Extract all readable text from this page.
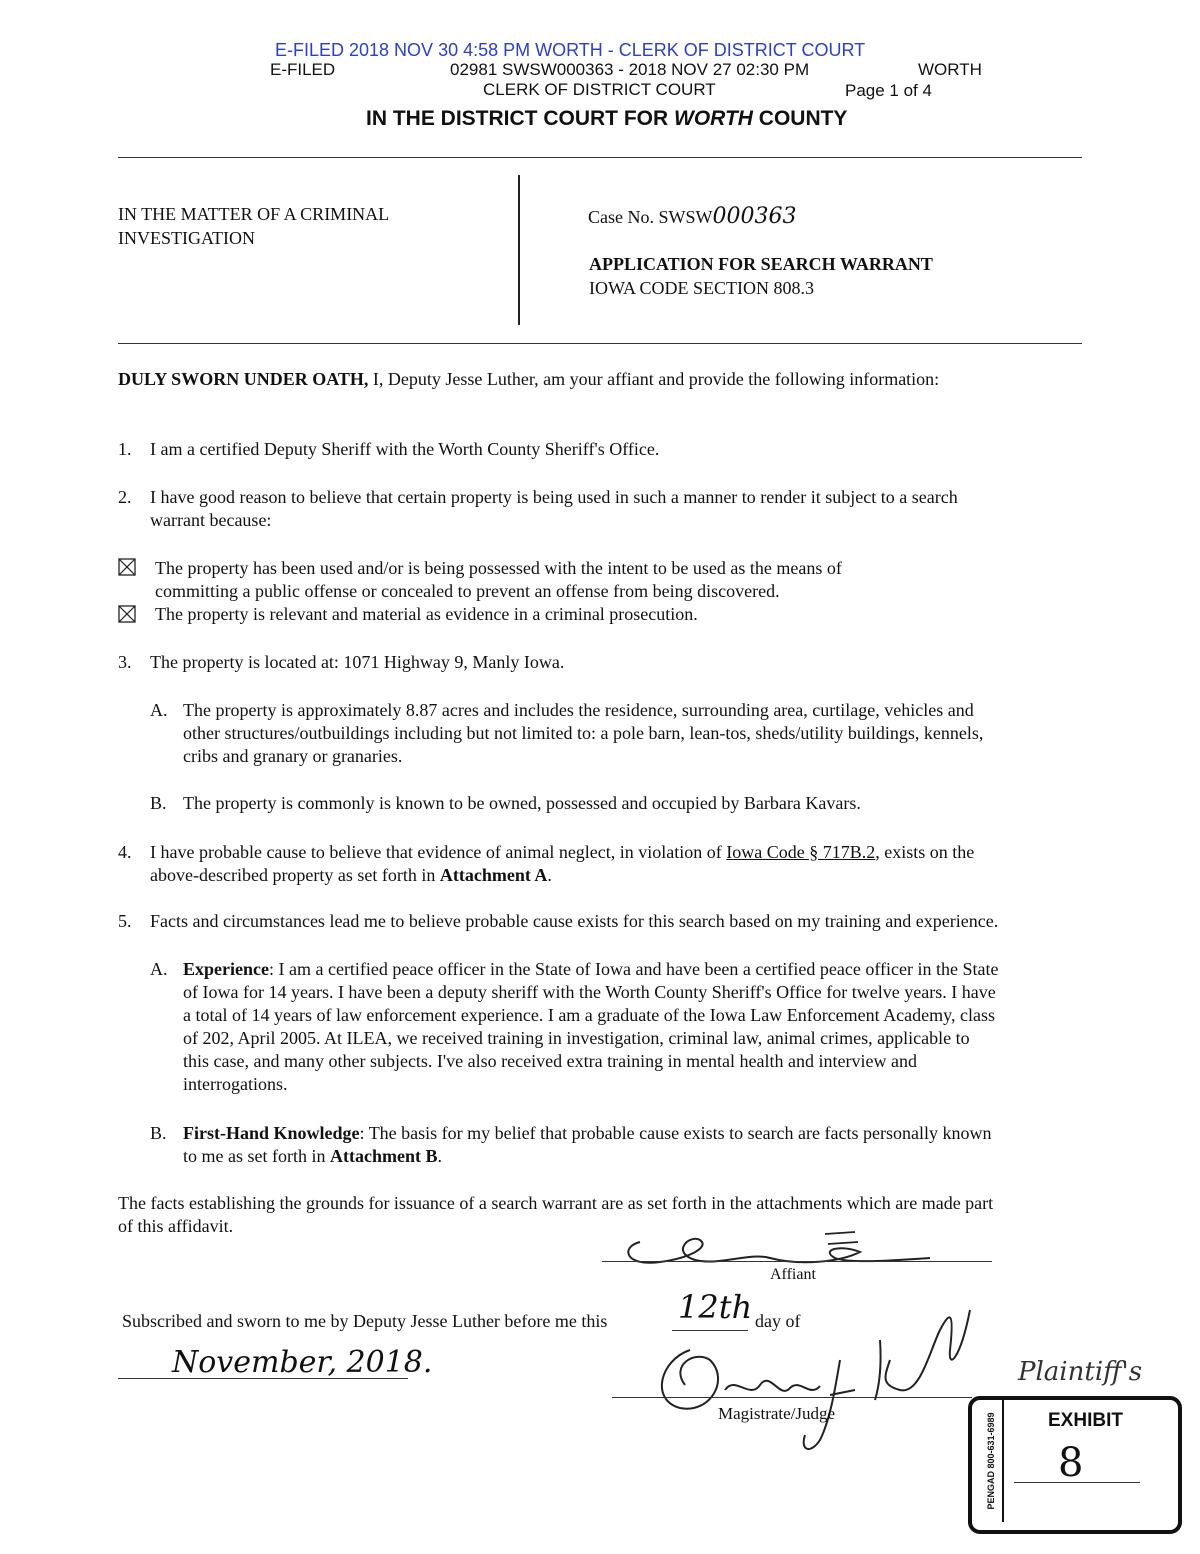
E-FILED 2018 NOV 30 4:58 PM WORTH - CLERK OF DISTRICT COURT
E-FILED	02981 SWSW000363 - 2018 NOV 27 02:30 PM	WORTH
CLERK OF DISTRICT COURT	Page 1 of 4
IN THE DISTRICT COURT FOR WORTH COUNTY
IN THE MATTER OF A CRIMINAL
INVESTIGATION
Case No. SWSW000363
APPLICATION FOR SEARCH WARRANT
IOWA CODE SECTION 808.3
DULY SWORN UNDER OATH, I, Deputy Jesse Luther, am your affiant and provide the following information:
1. I am a certified Deputy Sheriff with the Worth County Sheriff's Office.
2. I have good reason to believe that certain property is being used in such a manner to render it subject to a search
warrant because:
The property has been used and/or is being possessed with the intent to be used as the means of
committing a public offense or concealed to prevent an offense from being discovered.
The property is relevant and material as evidence in a criminal prosecution.
3. The property is located at: 1071 Highway 9, Manly Iowa.
A. The property is approximately 8.87 acres and includes the residence, surrounding area, curtilage, vehicles and
other structures/outbuildings including but not limited to: a pole barn, lean-tos, sheds/utility buildings, kennels,
cribs and granary or granaries.
B. The property is commonly is known to be owned, possessed and occupied by Barbara Kavars.
4. I have probable cause to believe that evidence of animal neglect, in violation of Iowa Code § 717B.2, exists on the
above-described property as set forth in Attachment A.
5. Facts and circumstances lead me to believe probable cause exists for this search based on my training and experience.
A. Experience: I am a certified peace officer in the State of Iowa and have been a certified peace officer in the State
of Iowa for 14 years. I have been a deputy sheriff with the Worth County Sheriff's Office for twelve years. I have
a total of 14 years of law enforcement experience. I am a graduate of the Iowa Law Enforcement Academy, class
of 202, April 2005. At ILEA, we received training in investigation, criminal law, animal crimes, applicable to
this case, and many other subjects. I've also received extra training in mental health and interview and
interrogations.
B. First-Hand Knowledge: The basis for my belief that probable cause exists to search are facts personally known
to me as set forth in Attachment B.
The facts establishing the grounds for issuance of a search warrant are as set forth in the attachments which are made part
of this affidavit.
Affiant
Subscribed and sworn to me by Deputy Jesse Luther before me this 12th day of
November, 2018.
Magistrate/Judge
Plaintiff's
PENGAD 800-631-6989	EXHIBIT
8
